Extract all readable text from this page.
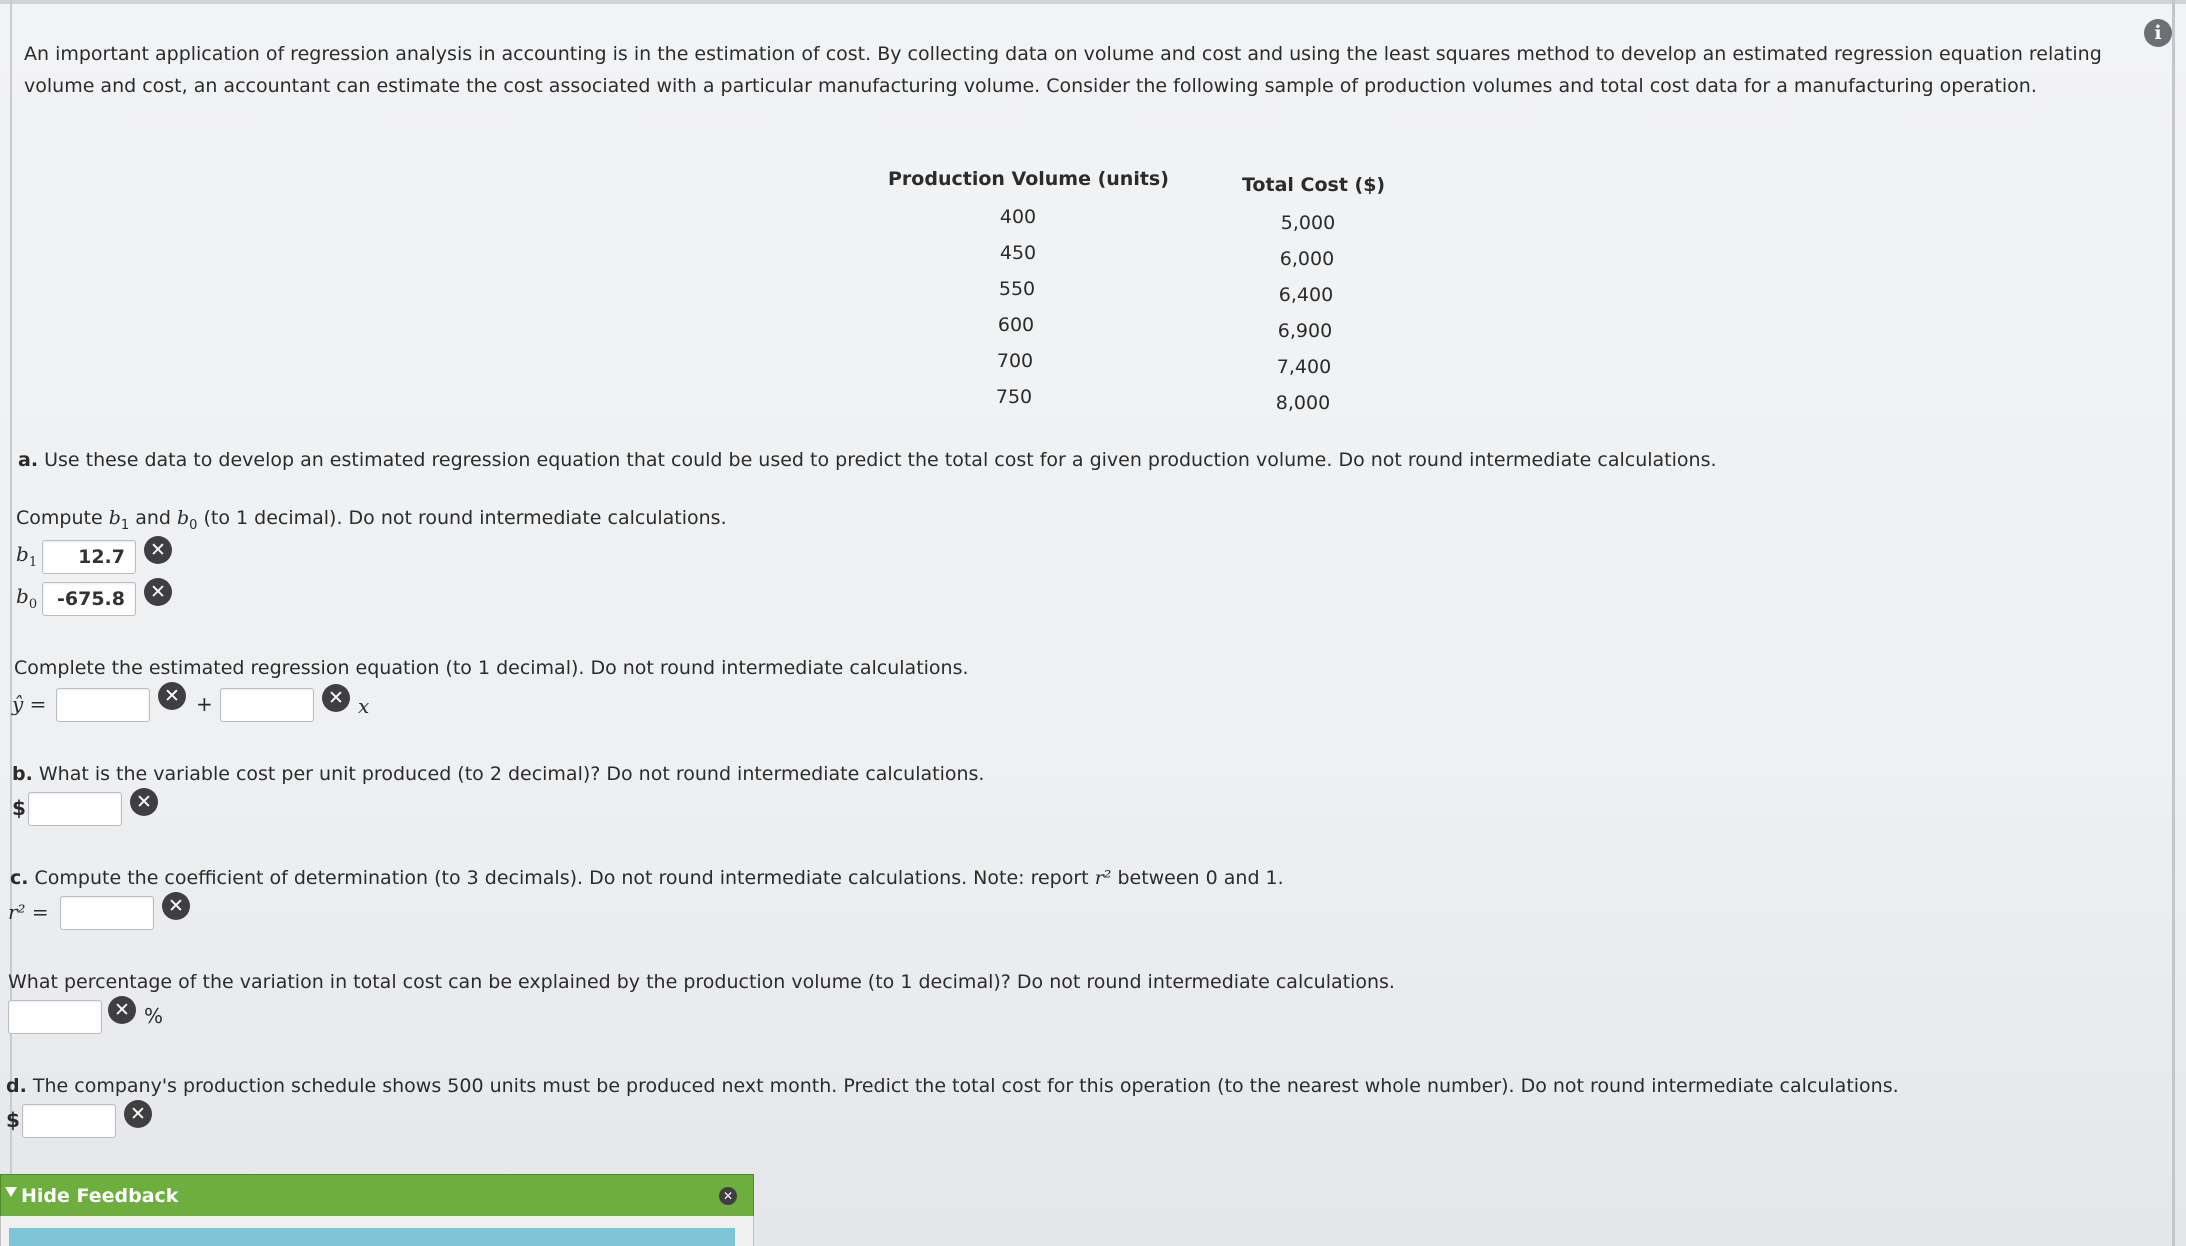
i
An important application of regression analysis in accounting is in the estimation of cost. By collecting data on volume and cost and using the least squares method to develop an estimated regression equation relating volume and cost, an accountant can estimate the cost associated with a particular manufacturing volume. Consider the following sample of production volumes and total cost data for a manufacturing operation.
Production Volume (units)	Total Cost ($)
400	5,000
450	6,000
550	6,400
600	6,900
700	7,400
750	8,000
a. Use these data to develop an estimated regression equation that could be used to predict the total cost for a given production volume. Do not round intermediate calculations.
Compute $b_1$ and $b_0$ (to 1 decimal). Do not round intermediate calculations.
$b_1$	12.7	✕
$b_0$	-675.8	✕
Complete the estimated regression equation (to 1 decimal). Do not round intermediate calculations.
ŷ =	✕ +	✕ x
b. What is the variable cost per unit produced (to 2 decimal)? Do not round intermediate calculations.
$	✕
c. Compute the coefficient of determination (to 3 decimals). Do not round intermediate calculations. Note: report r² between 0 and 1.
r² =	✕
What percentage of the variation in total cost can be explained by the production volume (to 1 decimal)? Do not round intermediate calculations.
✕ %
d. The company's production schedule shows 500 units must be produced next month. Predict the total cost for this operation (to the nearest whole number). Do not round intermediate calculations.
$	✕
Hide Feedback	✕
